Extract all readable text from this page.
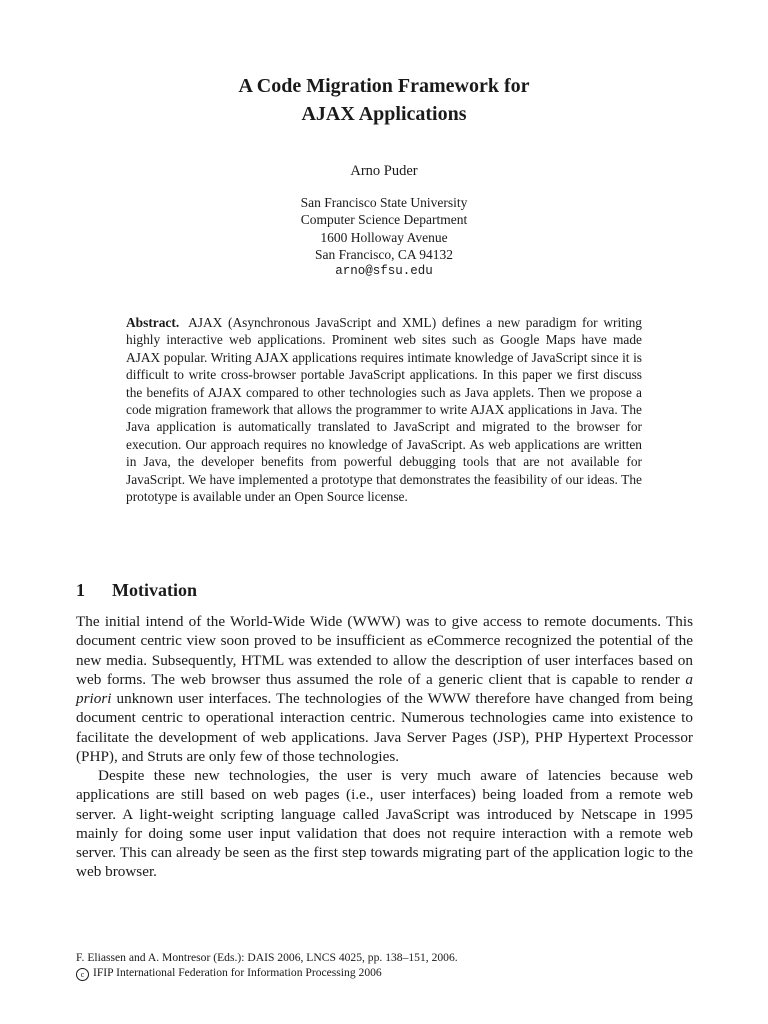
A Code Migration Framework for
AJAX Applications
Arno Puder
San Francisco State University
Computer Science Department
1600 Holloway Avenue
San Francisco, CA 94132
arno@sfsu.edu
Abstract. AJAX (Asynchronous JavaScript and XML) defines a new paradigm for writing highly interactive web applications. Prominent web sites such as Google Maps have made AJAX popular. Writing AJAX applications requires intimate knowledge of JavaScript since it is difficult to write cross-browser portable JavaScript applications. In this paper we first discuss the benefits of AJAX compared to other technologies such as Java applets. Then we propose a code migration framework that allows the programmer to write AJAX applications in Java. The Java application is automatically translated to JavaScript and migrated to the browser for execution. Our approach requires no knowledge of JavaScript. As web applications are written in Java, the developer benefits from powerful debugging tools that are not available for JavaScript. We have implemented a prototype that demonstrates the feasibility of our ideas. The prototype is available under an Open Source license.
1 Motivation

The initial intend of the World-Wide Wide (WWW) was to give access to remote documents. This document centric view soon proved to be insufficient as eCommerce recognized the potential of the new media. Subsequently, HTML was extended to allow the description of user interfaces based on web forms. The web browser thus assumed the role of a generic client that is capable to render a priori unknown user interfaces. The technologies of the WWW therefore have changed from being document centric to operational interaction centric. Numerous technologies came into existence to facilitate the development of web applications. Java Server Pages (JSP), PHP Hypertext Processor (PHP), and Struts are only few of those technologies.

Despite these new technologies, the user is very much aware of latencies because web applications are still based on web pages (i.e., user interfaces) being loaded from a remote web server. A light-weight scripting language called JavaScript was introduced by Netscape in 1995 mainly for doing some user input validation that does not require interaction with a remote web server. This can already be seen as the first step towards migrating part of the application logic to the web browser.

F. Eliassen and A. Montresor (Eds.): DAIS 2006, LNCS 4025, pp. 138–151, 2006.
c IFIP International Federation for Information Processing 2006
